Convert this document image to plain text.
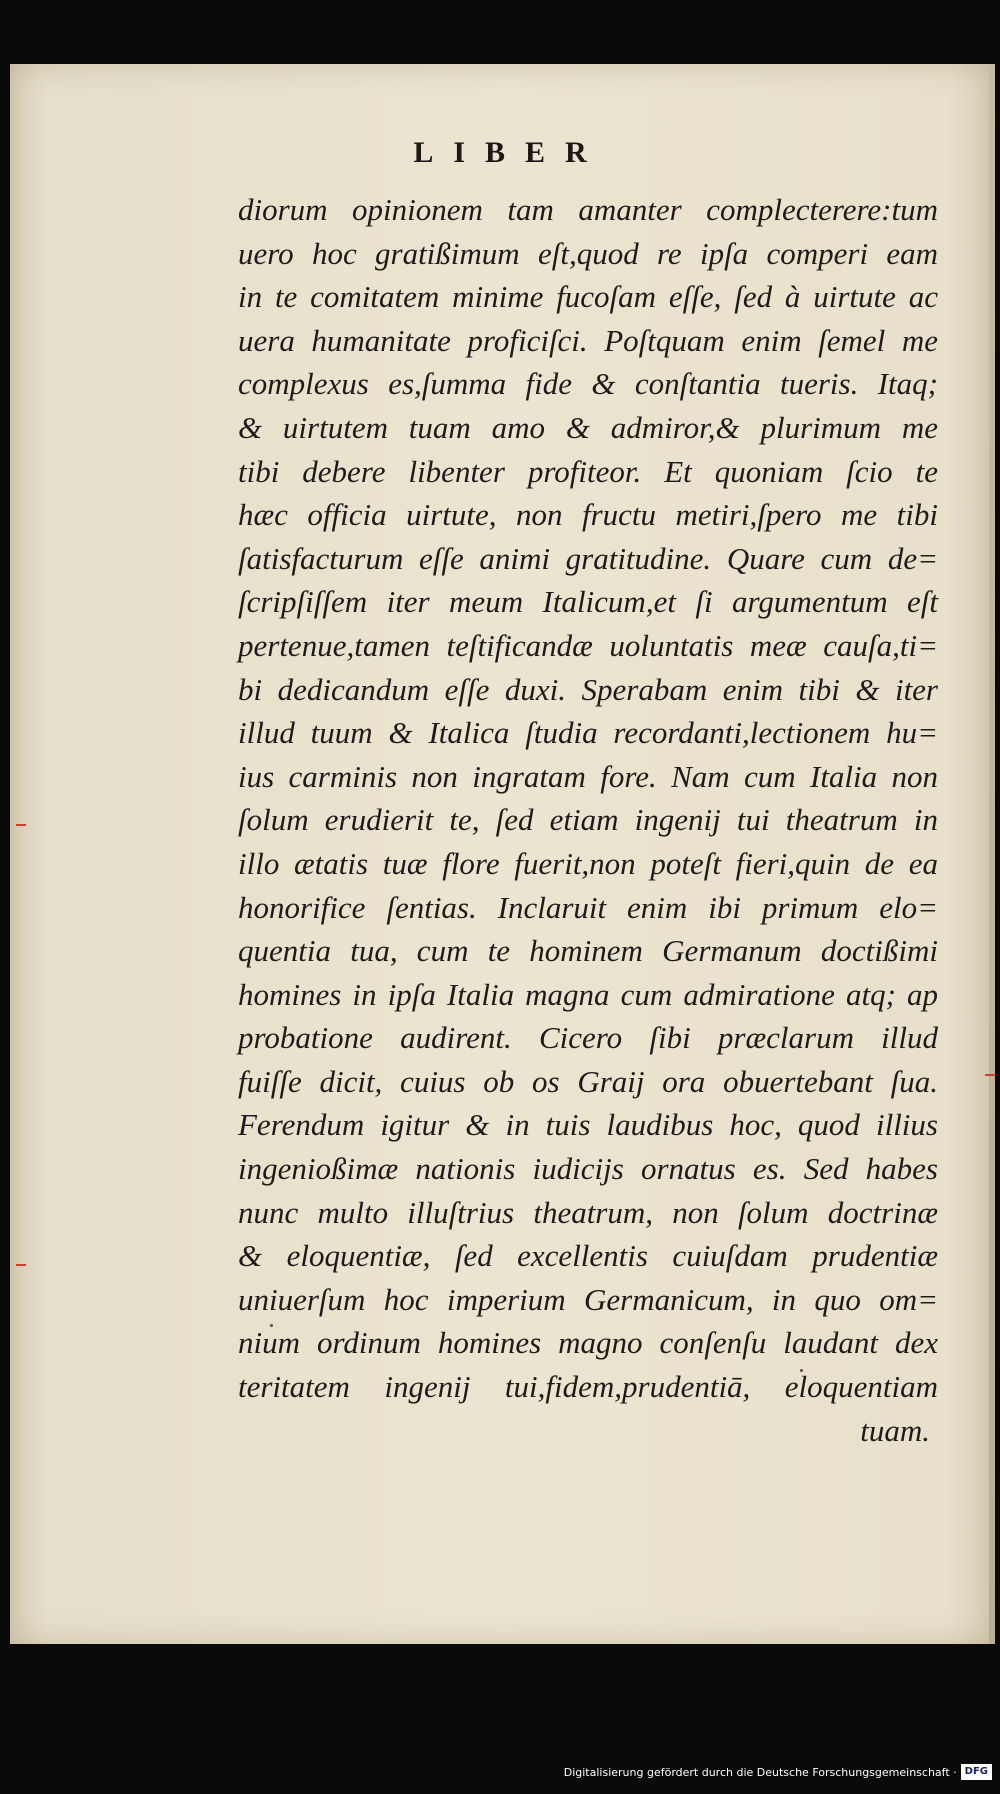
LIBER
diorum opinionem tam amanter complecterere:tum
uero hoc gratißimum eſt,quod re ipſa comperi eam
in te comitatem minime fucoſam eſſe, ſed à uirtute ac
uera humanitate proficiſci. Poſtquam enim ſemel me
complexus es,ſumma fide & conſtantia tueris. Itaq;
& uirtutem tuam amo & admiror,& plurimum me
tibi debere libenter profiteor. Et quoniam ſcio te
hæc officia uirtute, non fructu metiri,ſpero me tibi
ſatisfacturum eſſe animi gratitudine. Quare cum de=
ſcripſiſſem iter meum Italicum,et ſi argumentum eſt
pertenue,tamen teſtificandæ uoluntatis meæ cauſa,ti=
bi dedicandum eſſe duxi. Sperabam enim tibi & iter
illud tuum & Italica ſtudia recordanti,lectionem hu=
ius carminis non ingratam fore. Nam cum Italia non
ſolum erudierit te, ſed etiam ingenij tui theatrum in
illo ætatis tuæ flore fuerit,non poteſt fieri,quin de ea
honorifice ſentias. Inclaruit enim ibi primum elo=
quentia tua, cum te hominem Germanum doctißimi
homines in ipſa Italia magna cum admiratione atq; ap
probatione audirent. Cicero ſibi præclarum illud
fuiſſe dicit, cuius ob os Graij ora obuertebant ſua.
Ferendum igitur & in tuis laudibus hoc, quod illius
ingenioßimæ nationis iudicijs ornatus es. Sed habes
nunc multo illuſtrius theatrum, non ſolum doctrinæ
& eloquentiæ, ſed excellentis cuiuſdam prudentiæ
uniuerſum hoc imperium Germanicum, in quo om=
nium ordinum homines magno conſenſu laudant dex
teritatem ingenij tui,fidem,prudentiā, eloquentiam
tuam.
Digitalisierung gefördert durch die Deutsche Forschungsgemeinschaft · DFG
